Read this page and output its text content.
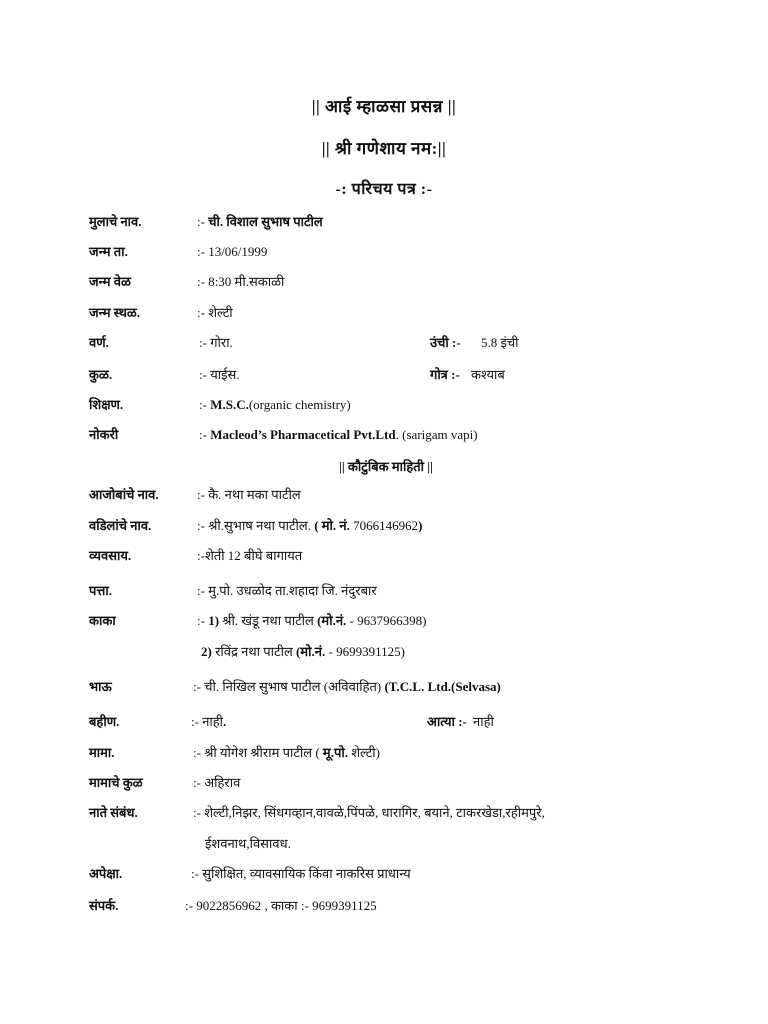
|| आई म्हाळसा प्रसन्न ||
|| श्री गणेशाय नम:||
-: परिचय पत्र :-
मुलाचे नाव.	:- ची. विशाल सुभाष पाटील
जन्म ता.	:- 13/06/1999
जन्म वेळ	:- 8:30 मी.सकाळी
जन्म स्थळ.	:- शेल्टी
वर्ण.	:- गोरा.	उंची :- 5.8 इंची
कुळ.	:- याईस.	गोत्र :- कश्याब
शिक्षण.	:- M.S.C.(organic chemistry)
नोकरी	:- Macleod’s Pharmacetical Pvt.Ltd. (sarigam vapi)
|| कौटुंबिक माहिती ||
आजोबांचे नाव.	:- कै. नथा मका पाटील
वडिलांचे नाव.	:- श्री.सुभाष नथा पाटील. ( मो. नं. 7066146962)
व्यवसाय.	:-शेती 12 बीघे बागायत
पत्ता.	:- मु.पो. उधळोद ता.शहादा जि. नंदुरबार
काका	:- 1) श्री. खंडू नथा पाटील (मो.नं. - 9637966398)
2) रविंद्र नथा पाटील (मो.नं. - 9699391125)
भाऊ	:- ची. निखिल सुभाष पाटील (अविवाहित) (T.C.L. Ltd.(Selvasa)
बहीण.	:- नाही.	आत्या :- नाही
मामा.	:- श्री योगेश श्रीराम पाटील ( मू.पो. शेल्टी)
मामाचे कुळ	:- अहिराव
नाते संबंध.	:- शेल्टी,निझर, सिंधगव्हान,वावळे,पिंपळे, धारागिर, बयाने, टाकरखेडा,रहीमपुरे,
ईशवनाथ,विसावध.
अपेक्षा.	:- सुशिक्षित, व्यावसायिक किंवा नाकरिस प्राधान्य
संपर्क.	:- 9022856962 , काका :- 9699391125
